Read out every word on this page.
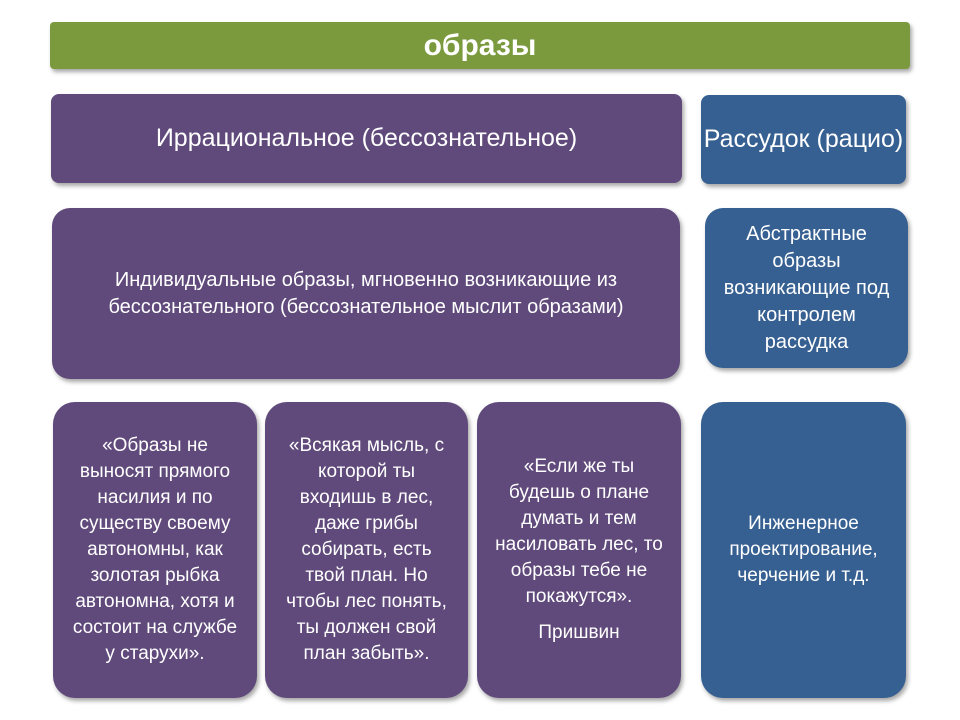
образы
Иррациональное (бессознательное)	Рассудок (рацио)
Индивидуальные образы, мгновенно возникающие из бессознательного (бессознательное мыслит образами)
Абстрактные образы возникающие под контролем рассудка
«Образы не выносят прямого насилия и по существу своему автономны, как золотая рыбка автономна, хотя и состоит на службе у старухи».
«Всякая мысль, с которой ты входишь в лес, даже грибы собирать, есть твой план. Но чтобы лес понять, ты должен свой план забыть».
«Если же ты будешь о плане думать и тем насиловать лес, то образы тебе не покажутся».
Пришвин
Инженерное проектирование, черчение и т.д.
